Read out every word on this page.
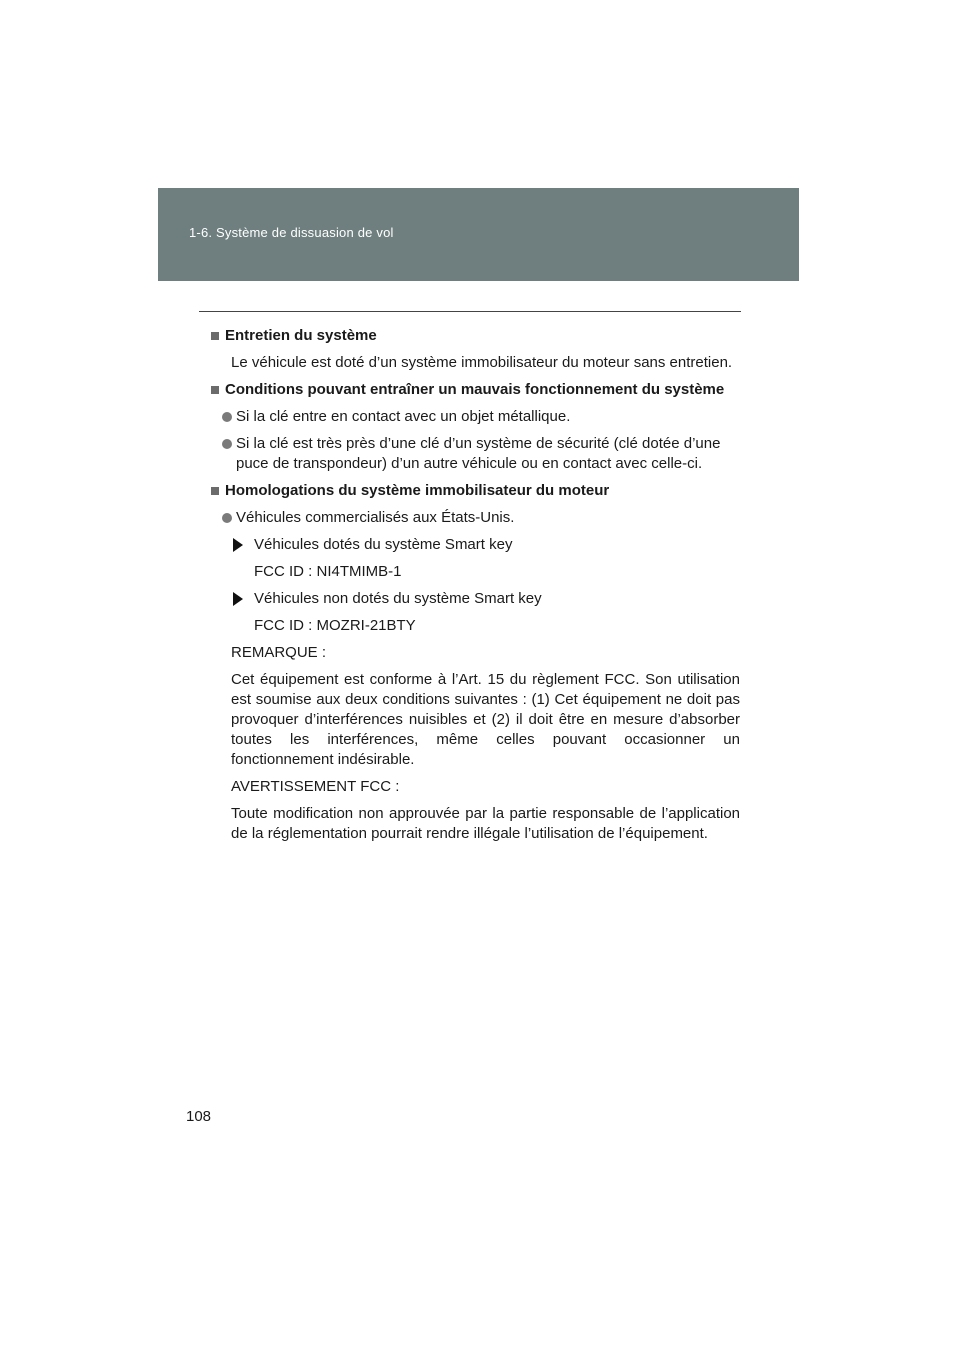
1-6. Système de dissuasion de vol
Entretien du système
Le véhicule est doté d’un système immobilisateur du moteur sans entretien.
Conditions pouvant entraîner un mauvais fonctionnement du système
Si la clé entre en contact avec un objet métallique.
Si la clé est très près d’une clé d’un système de sécurité (clé dotée d’une puce de transpondeur) d’un autre véhicule ou en contact avec celle-ci.
Homologations du système immobilisateur du moteur
Véhicules commercialisés aux États-Unis.
Véhicules dotés du système Smart key
FCC ID : NI4TMIMB-1
Véhicules non dotés du système Smart key
FCC ID : MOZRI-21BTY
REMARQUE :
Cet équipement est conforme à l’Art. 15 du règlement FCC. Son utilisation est soumise aux deux conditions suivantes : (1) Cet équipement ne doit pas provoquer d’interférences nuisibles et (2) il doit être en mesure d’absorber toutes les interférences, même celles pouvant occasionner un fonctionnement indésirable.
AVERTISSEMENT FCC :
Toute modification non approuvée par la partie responsable de l’application de la réglementation pourrait rendre illégale l’utilisation de l’équipement.
108
